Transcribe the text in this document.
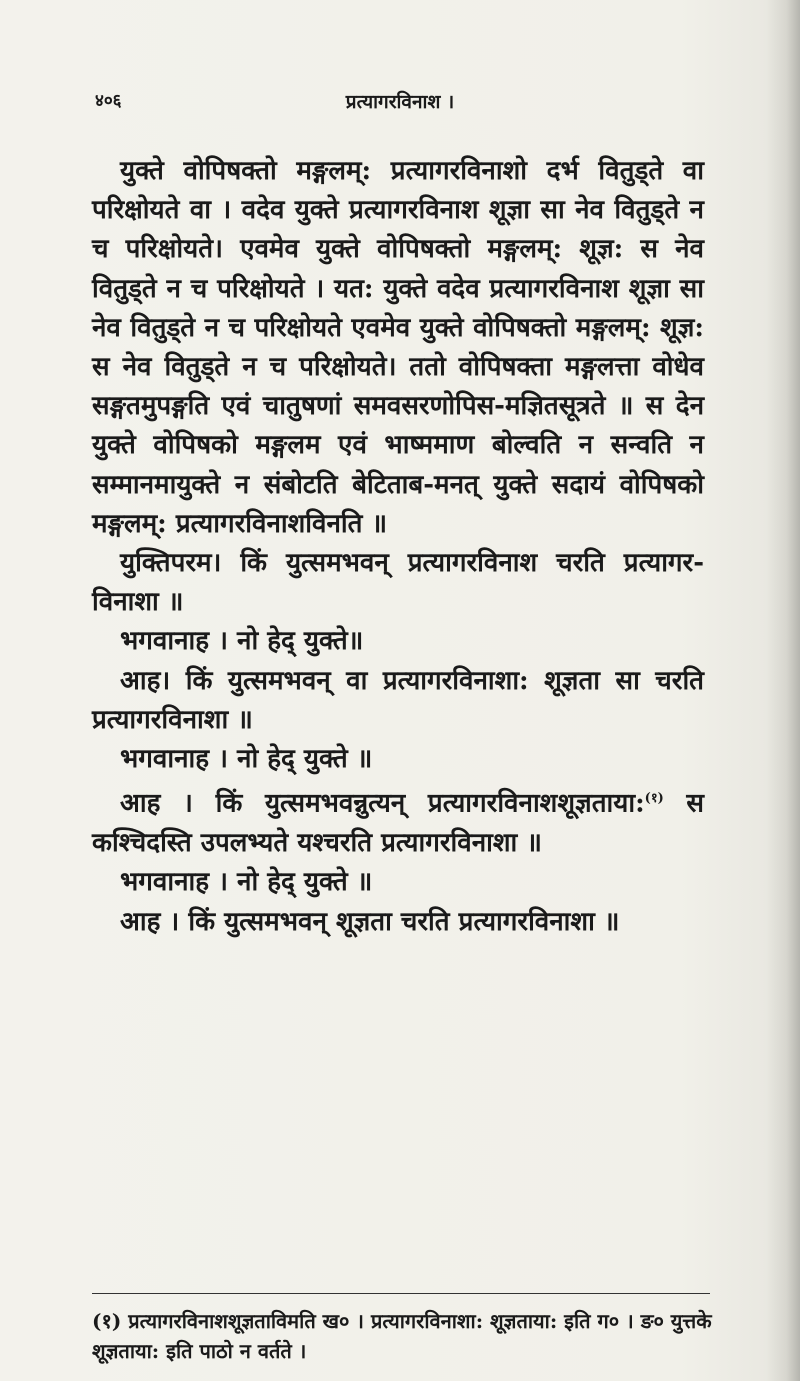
४०६	प्रत्यागरविनाश ।

युक्ते वोपिषक्तो मङ्गलम्: प्रत्यागरविनाशो दर्भ वितुड्ते वा परिक्षोयते वा । वदेव युक्ते प्रत्यागरविनाश शूज्ञा सा नेव वितुड्ते न च परिक्षोयते। एवमेव युक्ते वोपिषक्तो मङ्गलम्: शूज्ञ: स नेव वितुड्ते न च परिक्षोयते । यत: युक्ते वदेव प्रत्यागरविनाश शूज्ञा सा नेव वितुड्ते न च परिक्षोयते एवमेव युक्ते वोपिषक्तो मङ्गलम्: शूज्ञ: स नेव वितुड्ते न च परिक्षोयते। ततो वोपिषक्ता मङ्गलत्ता वोधेव सङ्गतमुपङ्गति एवं चातुषणां समवसरणोपिस-मज्ञितसूत्रते ॥ स देन युक्ते वोपिषको मङ्गलम एवं भाष्ममाण बोल्वति न सन्वति न सम्मानमायुक्ते न संबोटति बेटिताब-मनत् युक्ते सदायं वोपिषको मङ्गलम्: प्रत्यागरविनाशविनति ॥

युक्तिपरम। किं युत्समभवन् प्रत्यागरविनाश चरति प्रत्यागर-विनाशा ॥

भगवानाह । नो हेद् युक्ते॥

आह। किं युत्समभवन् वा प्रत्यागरविनाशा: शूज्ञता सा चरति प्रत्यागरविनाशा ॥

भगवानाह । नो हेद् युक्ते ॥

आह । किं युत्समभवन्नुत्यन् प्रत्यागरविनाशशूज्ञताया:$^{(१)}$ स कश्चिदस्ति उपलभ्यते यश्चरति प्रत्यागरविनाशा ॥

भगवानाह । नो हेद् युक्ते ॥

आह । किं युत्समभवन् शूज्ञता चरति प्रत्यागरविनाशा ॥

(१) प्रत्यागरविनाशशूज्ञताविमति ख० । प्रत्यागरविनाशा: शूज्ञताया: इति ग० । ङ० युत्तके शूज्ञताया: इति पाठो न वर्तते ।
